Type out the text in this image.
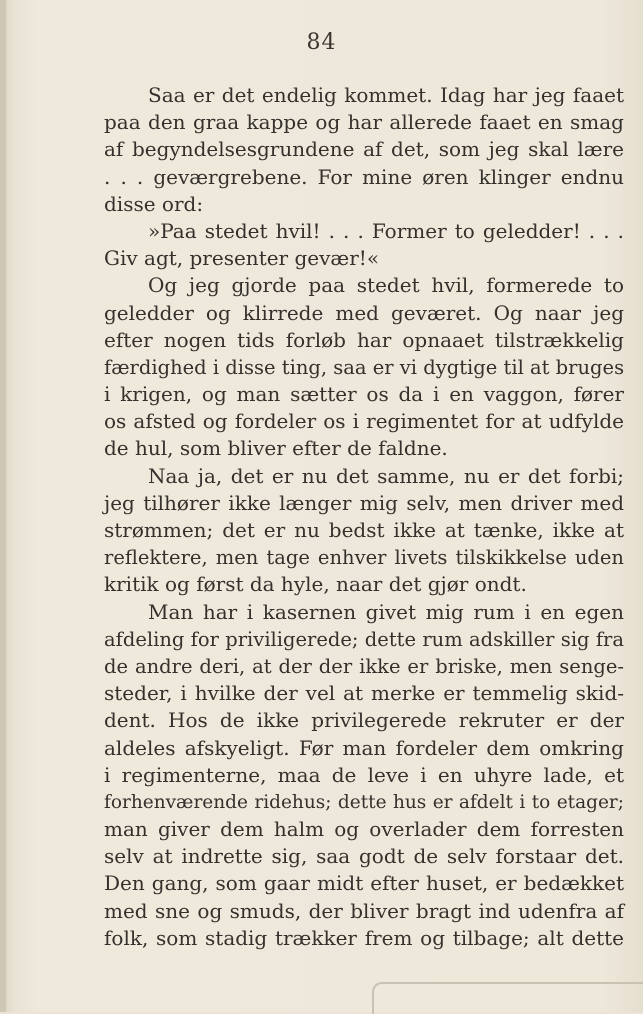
84
Saa er det endelig kommet. Idag har jeg faaet
paa den graa kappe og har allerede faaet en smag
af begyndelsesgrundene af det, som jeg skal lære
. . . geværgrebene. For mine øren klinger endnu
disse ord:
»Paa stedet hvil! . . . Former to geledder! . . .
Giv agt, presenter gevær!«
Og jeg gjorde paa stedet hvil, formerede to
geledder og klirrede med geværet. Og naar jeg
efter nogen tids forløb har opnaaet tilstrækkelig
færdighed i disse ting, saa er vi dygtige til at bruges
i krigen, og man sætter os da i en vaggon, fører
os afsted og fordeler os i regimentet for at udfylde
de hul, som bliver efter de faldne.
Naa ja, det er nu det samme, nu er det forbi;
jeg tilhører ikke længer mig selv, men driver med
strømmen; det er nu bedst ikke at tænke, ikke at
reflektere, men tage enhver livets tilskikkelse uden
kritik og først da hyle, naar det gjør ondt.
Man har i kasernen givet mig rum i en egen
afdeling for priviligerede; dette rum adskiller sig fra
de andre deri, at der der ikke er briske, men senge-
steder, i hvilke der vel at merke er temmelig skid-
dent. Hos de ikke privilegerede rekruter er der
aldeles afskyeligt. Før man fordeler dem omkring
i regimenterne, maa de leve i en uhyre lade, et
forhenværende ridehus; dette hus er afdelt i to etager;
man giver dem halm og overlader dem forresten
selv at indrette sig, saa godt de selv forstaar det.
Den gang, som gaar midt efter huset, er bedækket
med sne og smuds, der bliver bragt ind udenfra af
folk, som stadig trækker frem og tilbage; alt dette
